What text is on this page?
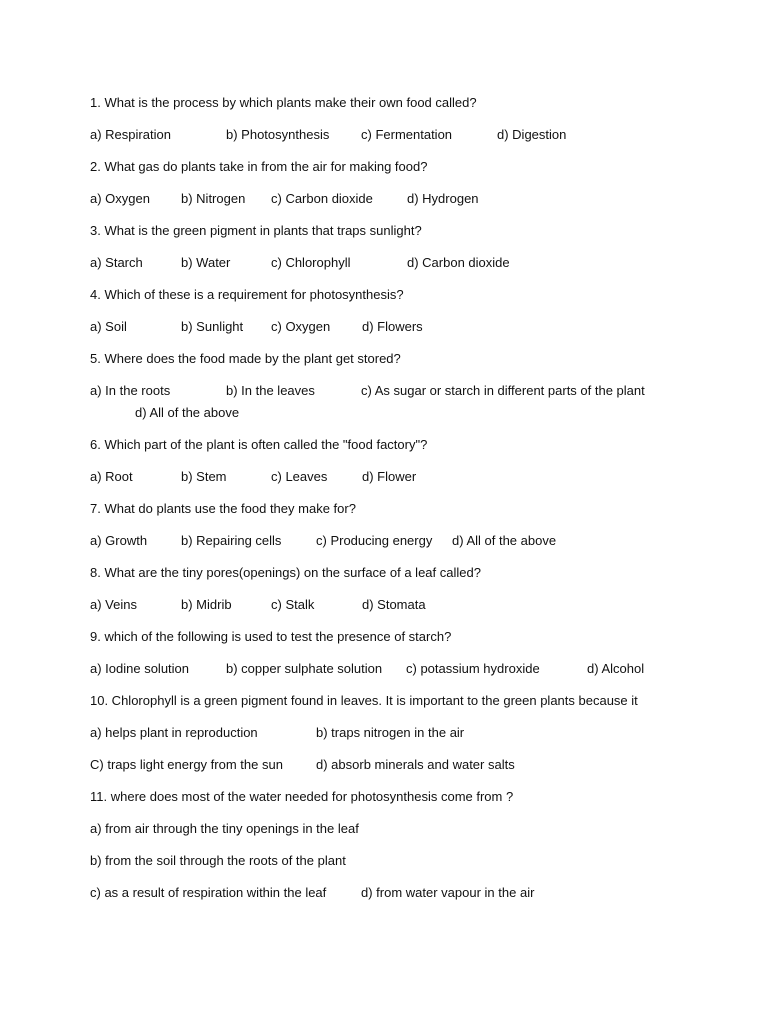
1. What is the process by which plants make their own food called?
a) Respiration	b) Photosynthesis c) Fermentation	d) Digestion
2. What gas do plants take in from the air for making food?
a) Oxygen b) Nitrogen c) Carbon dioxide	d) Hydrogen
3. What is the green pigment in plants that traps sunlight?
a) Starch	b) Water	c) Chlorophyll	d) Carbon dioxide
4. Which of these is a requirement for photosynthesis?
a) Soil	b) Sunlight c) Oxygen d) Flowers
5. Where does the food made by the plant get stored?
a) In the roots	b) In the leaves	c) As sugar or starch in different parts of the plant
d) All of the above
6. Which part of the plant is often called the "food factory"?
a) Root	b) Stem	c) Leaves	d) Flower
7. What do plants use the food they make for?
a) Growth	b) Repairing cells	c) Producing energy d) All of the above
8. What are the tiny pores(openings) on the surface of a leaf called?
a) Veins	b) Midrib	c) Stalk	d) Stomata
9. which of the following is used to test the presence of starch?
a) Iodine solution	b) copper sulphate solution c) potassium hydroxide	d) Alcohol
10. Chlorophyll is a green pigment found in leaves. It is important to the green plants because it
a) helps plant in reproduction	b) traps nitrogen in the air
C) traps light energy from the sun	d) absorb minerals and water salts
11. where does most of the water needed for photosynthesis come from ?
a) from air through the tiny openings in the leaf
b) from the soil through the roots of the plant
c) as a result of respiration within the leaf	d) from water vapour in the air
